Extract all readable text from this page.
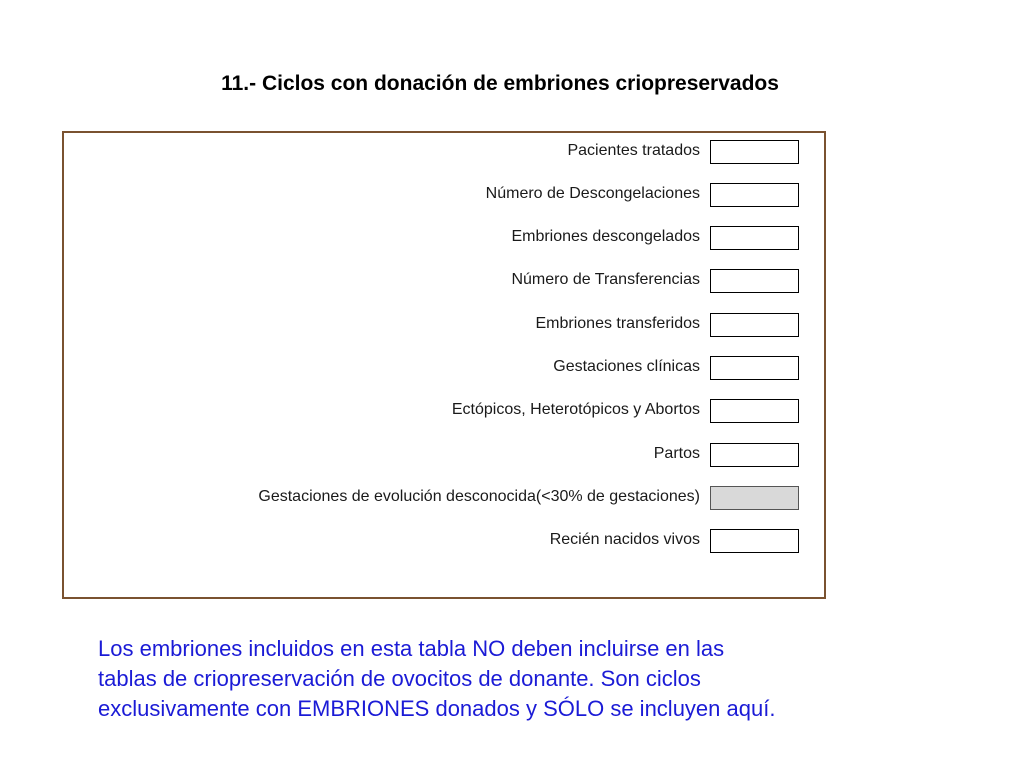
11.- Ciclos con donación de embriones criopreservados
Pacientes tratados
Número de Descongelaciones
Embriones descongelados
Número de Transferencias
Embriones transferidos
Gestaciones clínicas
Ectópicos, Heterotópicos y Abortos
Partos
Gestaciones de evolución desconocida(<30% de gestaciones)
Recién nacidos vivos
Los embriones incluidos en esta tabla NO deben incluirse en las
tablas de criopreservación de ovocitos de donante. Son ciclos
exclusivamente con EMBRIONES donados y SÓLO se incluyen aquí.
